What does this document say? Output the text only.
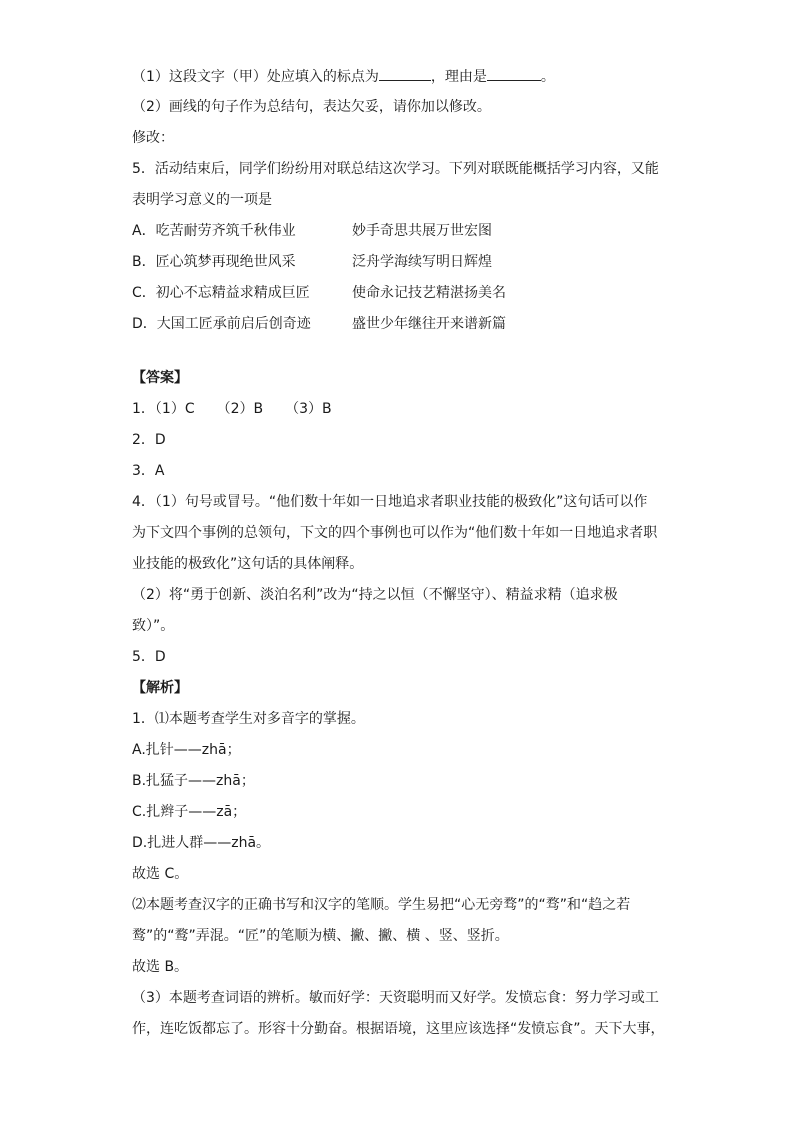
（1）这段文字（甲）处应填入的标点为	，理由是	。
（2）画线的句子作为总结句，表达欠妥，请你加以修改。
修改：
5．活动结束后，同学们纷纷用对联总结这次学习。下列对联既能概括学习内容，又能
表明学习意义的一项是
A．吃苦耐劳齐筑千秋伟业	妙手奇思共展万世宏图
B．匠心筑梦再现绝世风采	泛舟学海续写明日辉煌
C．初心不忘精益求精成巨匠	使命永记技艺精湛扬美名
D．大国工匠承前启后创奇迹	盛世少年继往开来谱新篇
【答案】
1．（1）C （2）B （3）B
2．D
3．A
4．（1）句号或冒号。“他们数十年如一日地追求者职业技能的极致化”这句话可以作
为下文四个事例的总领句，下文的四个事例也可以作为“他们数十年如一日地追求者职
业技能的极致化”这句话的具体阐释。
（2）将“勇于创新、淡泊名利”改为“持之以恒（不懈坚守）、精益求精（追求极
致）”。
5．D
【解析】
1．⑴本题考查学生对多音字的掌握。
A.扎针——zhā；
B.扎猛子——zhā；
C.扎辫子——zā；
D.扎进人群——zhā。
故选 C。
⑵本题考查汉字的正确书写和汉字的笔顺。学生易把“心无旁骛”的“骛”和“趋之若
鹜”的“鹜”弄混。“匠”的笔顺为横、撇、撇、横 、竖、竖折。
故选 B。
（3）本题考查词语的辨析。敏而好学：天资聪明而又好学。发愤忘食：努力学习或工
作，连吃饭都忘了。形容十分勤奋。根据语境，这里应该选择“发愤忘食”。天下大事，
